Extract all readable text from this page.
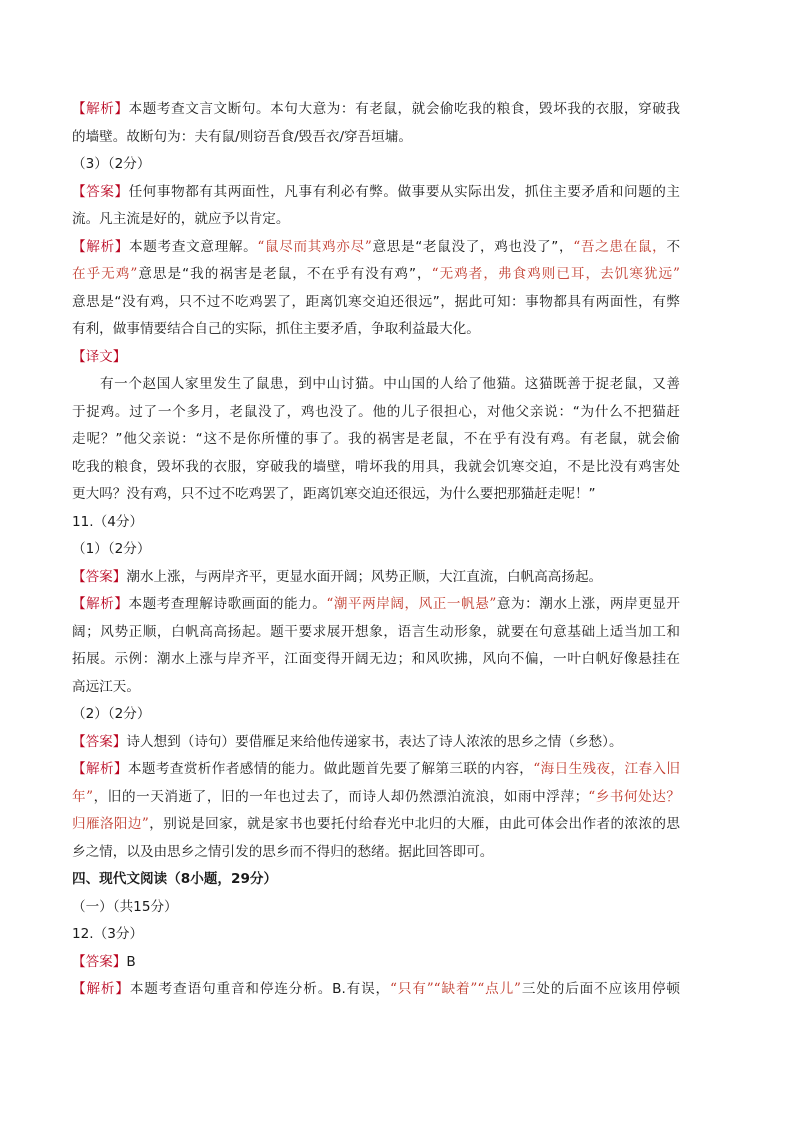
【解析】本题考查文言文断句。本句大意为：有老鼠，就会偷吃我的粮食，毁坏我的衣服，穿破我
的墙壁。故断句为：夫有鼠/则窃吾食/毁吾衣/穿吾垣墉。
（3）（2分）
【答案】任何事物都有其两面性，凡事有利必有弊。做事要从实际出发，抓住主要矛盾和问题的主
流。凡主流是好的，就应予以肯定。
【解析】本题考查文意理解。“鼠尽而其鸡亦尽”意思是“老鼠没了，鸡也没了”，“吾之患在鼠，不
在乎无鸡”意思是“我的祸害是老鼠，不在乎有没有鸡”，“无鸡者，弗食鸡则已耳，去饥寒犹远”
意思是“没有鸡，只不过不吃鸡罢了，距离饥寒交迫还很远”，据此可知：事物都具有两面性，有弊
有利，做事情要结合自己的实际，抓住主要矛盾，争取利益最大化。
【译文】
有一个赵国人家里发生了鼠患，到中山讨猫。中山国的人给了他猫。这猫既善于捉老鼠，又善
于捉鸡。过了一个多月，老鼠没了，鸡也没了。他的儿子很担心，对他父亲说：“为什么不把猫赶
走呢？”他父亲说：“这不是你所懂的事了。我的祸害是老鼠，不在乎有没有鸡。有老鼠，就会偷
吃我的粮食，毁坏我的衣服，穿破我的墙壁，啃坏我的用具，我就会饥寒交迫，不是比没有鸡害处
更大吗？没有鸡，只不过不吃鸡罢了，距离饥寒交迫还很远，为什么要把那猫赶走呢！”
11.（4分）
（1）（2分）
【答案】潮水上涨，与两岸齐平，更显水面开阔；风势正顺，大江直流，白帆高高扬起。
【解析】本题考查理解诗歌画面的能力。“潮平两岸阔，风正一帆悬”意为：潮水上涨，两岸更显开
阔；风势正顺，白帆高高扬起。题干要求展开想象，语言生动形象，就要在句意基础上适当加工和
拓展。示例：潮水上涨与岸齐平，江面变得开阔无边；和风吹拂，风向不偏，一叶白帆好像悬挂在
高远江天。
（2）（2分）
【答案】诗人想到（诗句）要借雁足来给他传递家书，表达了诗人浓浓的思乡之情（乡愁）。
【解析】本题考查赏析作者感情的能力。做此题首先要了解第三联的内容，“海日生残夜，江春入旧
年”，旧的一天消逝了，旧的一年也过去了，而诗人却仍然漂泊流浪，如雨中浮萍；“乡书何处达？
归雁洛阳边”，别说是回家，就是家书也要托付给春光中北归的大雁，由此可体会出作者的浓浓的思
乡之情，以及由思乡之情引发的思乡而不得归的愁绪。据此回答即可。
四、现代文阅读（8小题，29分）
（一）（共15分）
12.（3分）
【答案】B
【解析】本题考查语句重音和停连分析。B.有误，“只有”“缺着”“点儿”三处的后面不应该用停顿
